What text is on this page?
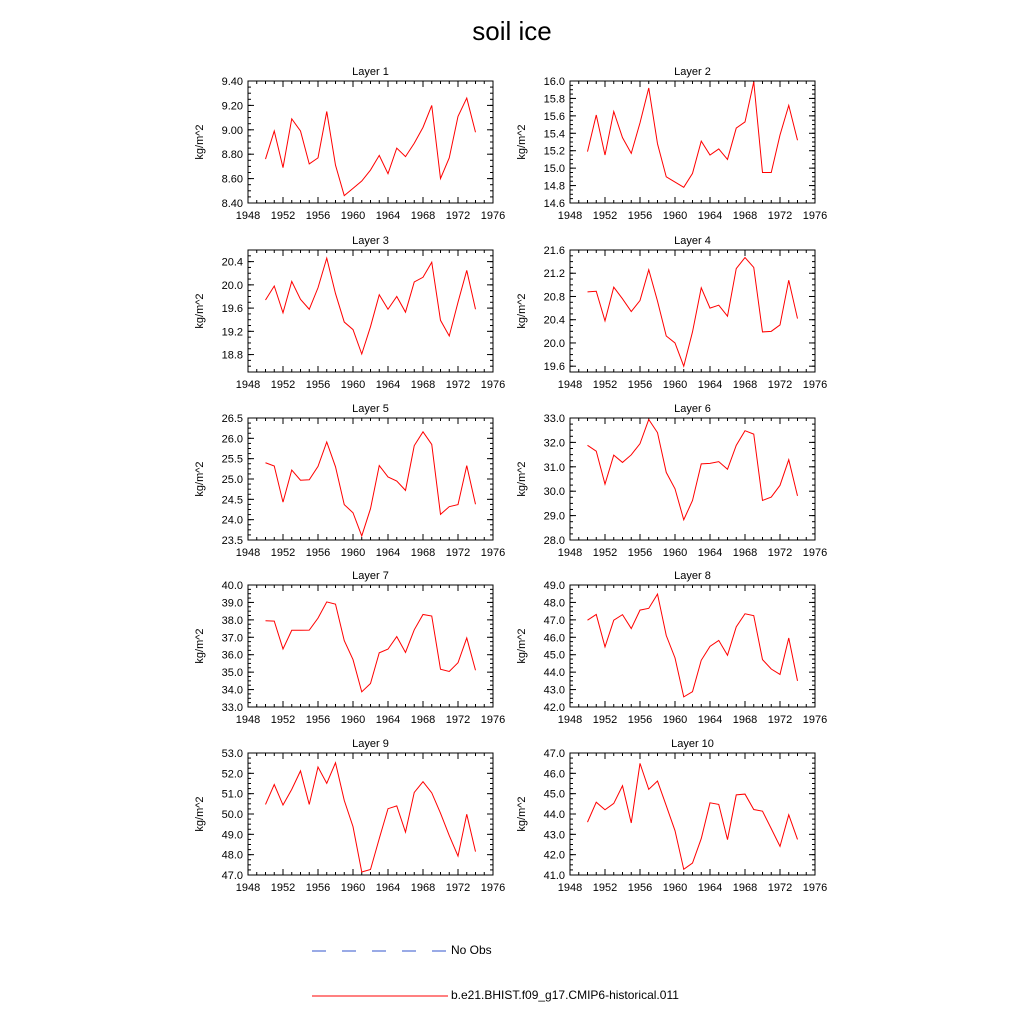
soil ice
Layer 1
kg/m^2
1948 1952 1956 1960 1964 1968 1972 1976
8.40
8.60
8.80
9.00
9.20
9.40
Layer 2
kg/m^2
1948 1952 1956 1960 1964 1968 1972 1976
14.6
14.8
15.0
15.2
15.4
15.6
15.8
16.0
Layer 3
kg/m^2
1948 1952 1956 1960 1964 1968 1972 1976
18.8
19.2
19.6
20.0
20.4
Layer 4
kg/m^2
1948 1952 1956 1960 1964 1968 1972 1976
19.6
20.0
20.4
20.8
21.2
21.6
Layer 5
kg/m^2
1948 1952 1956 1960 1964 1968 1972 1976
23.5
24.0
24.5
25.0
25.5
26.0
26.5
Layer 6
kg/m^2
1948 1952 1956 1960 1964 1968 1972 1976
28.0
29.0
30.0
31.0
32.0
33.0
Layer 7
kg/m^2
1948 1952 1956 1960 1964 1968 1972 1976
33.0
34.0
35.0
36.0
37.0
38.0
39.0
40.0
Layer 8
kg/m^2
1948 1952 1956 1960 1964 1968 1972 1976
42.0
43.0
44.0
45.0
46.0
47.0
48.0
49.0
Layer 9
kg/m^2
1948 1952 1956 1960 1964 1968 1972 1976
47.0
48.0
49.0
50.0
51.0
52.0
53.0
Layer 10
kg/m^2
1948 1952 1956 1960 1964 1968 1972 1976
41.0
42.0
43.0
44.0
45.0
46.0
47.0
No Obs
b.e21.BHIST.f09_g17.CMIP6-historical.011
